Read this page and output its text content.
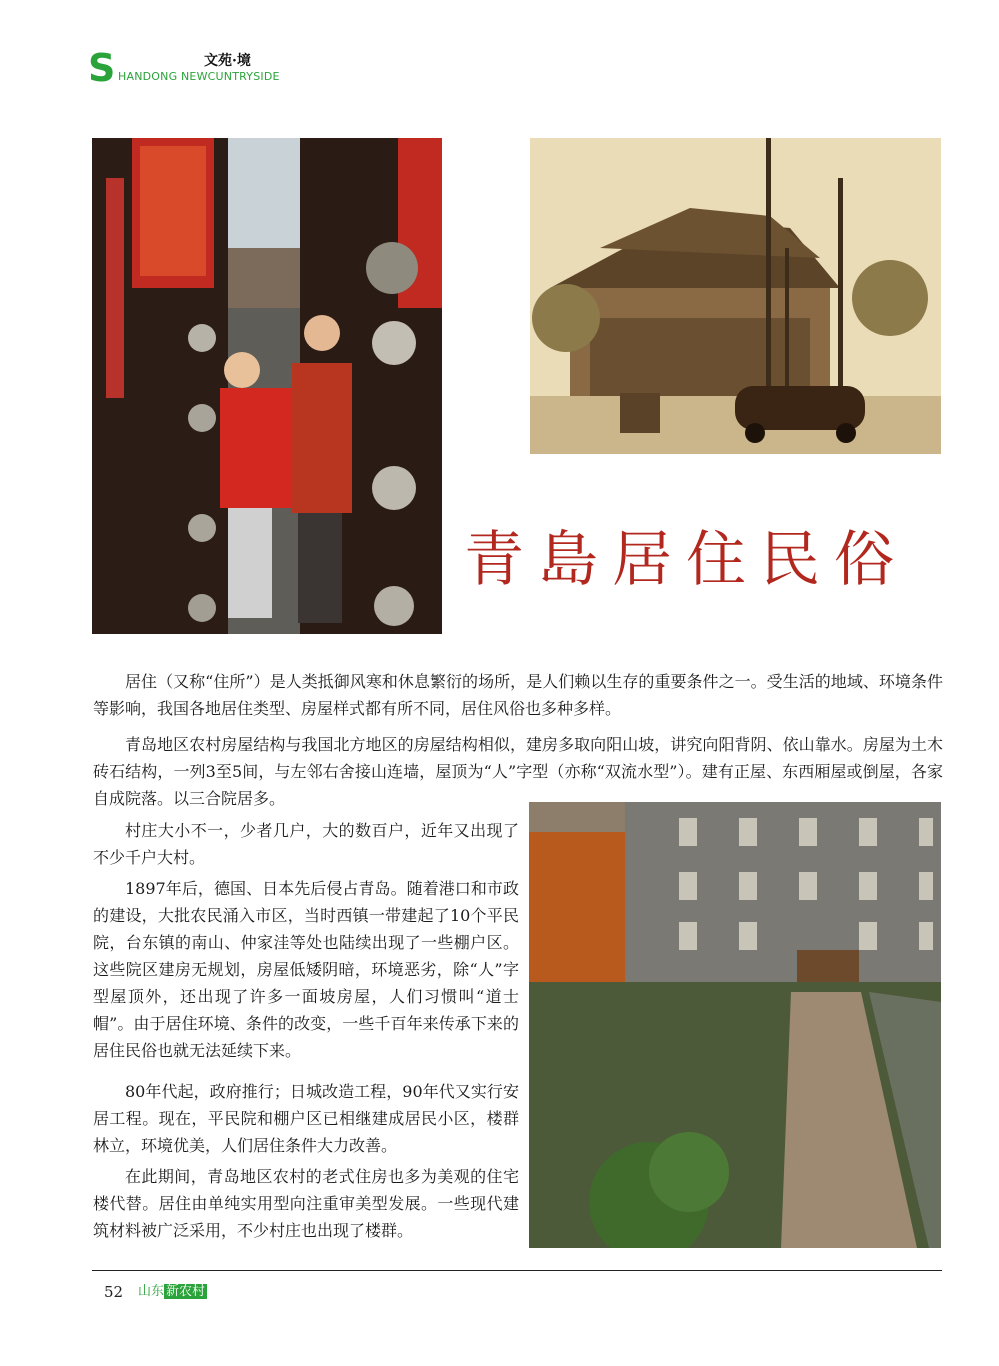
S	文苑·境
HANDONG NEWCUNTRYSIDE
青島居住民俗

居住（又称“住所”）是人类抵御风寒和休息繁衍的场所，是人们赖以生存的重要条件之一。受生活的地域、环境条件等影响，我国各地居住类型、房屋样式都有所不同，居住风俗也多种多样。

青岛地区农村房屋结构与我国北方地区的房屋结构相似，建房多取向阳山坡，讲究向阳背阴、依山靠水。房屋为土木砖石结构，一列3至5间，与左邻右舍接山连墙，屋顶为“人”字型（亦称“双流水型”）。建有正屋、东西厢屋或倒屋，各家自成院落。以三合院居多。

村庄大小不一，少者几户，大的数百户，近年又出现了不少千户大村。

1897年后，德国、日本先后侵占青岛。随着港口和市政的建设，大批农民涌入市区，当时西镇一带建起了10个平民院，台东镇的南山、仲家洼等处也陆续出现了一些棚户区。这些院区建房无规划，房屋低矮阴暗，环境恶劣，除“人”字型屋顶外，还出现了许多一面坡房屋，人们习惯叫“道士帽”。由于居住环境、条件的改变，一些千百年来传承下来的居住民俗也就无法延续下来。

80年代起，政府推行；日城改造工程，90年代又实行安居工程。现在，平民院和棚户区已相继建成居民小区，楼群林立，环境优美，人们居住条件大力改善。

在此期间，青岛地区农村的老式住房也多为美观的住宅楼代替。居住由单纯实用型向注重审美型发展。一些现代建筑材料被广泛采用，不少村庄也出现了楼群。

52 山东 新农村
